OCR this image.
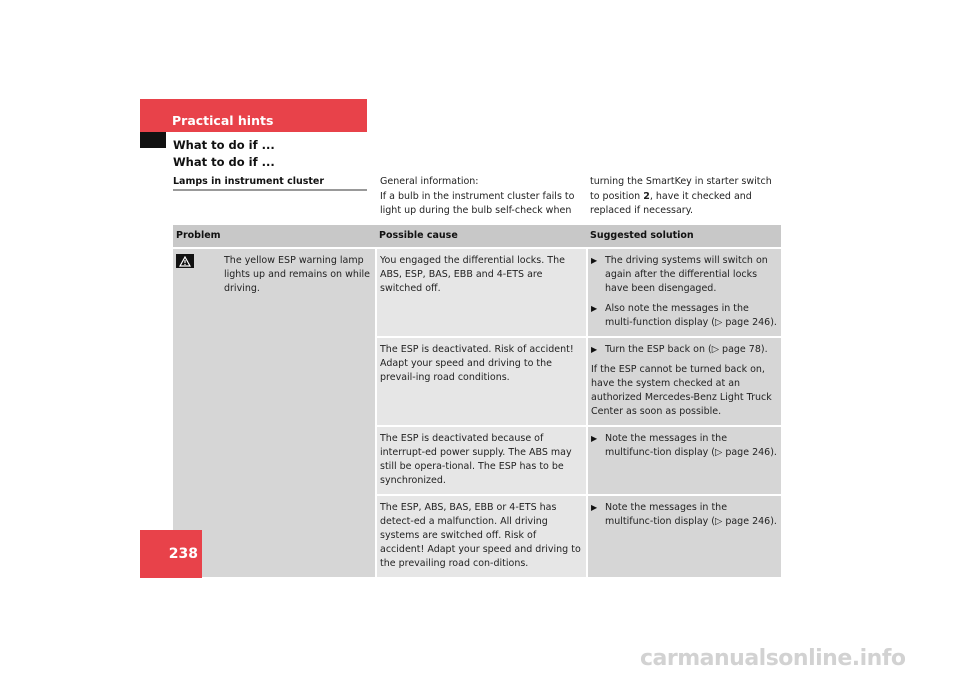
Practical hints
What to do if ...
What to do if ...
Lamps in instrument cluster	General information:
If a bulb in the instrument cluster fails to light up during the bulb self-check when
turning the SmartKey in starter switch to position 2, have it checked and replaced if necessary.
Problem	Possible cause	Suggested solution

The yellow ESP warning lamp lights up and remains on while driving.	You engaged the differential locks. The ABS, ESP, BAS, EBB and 4-ETS are switched off.	▶ The driving systems will switch on again after the differential locks have been disengaged.
▶ Also note the messages in the multi-function display (▷ page 246).

	The ESP is deactivated. Risk of accident! Adapt your speed and driving to the prevail-ing road conditions.	▶ Turn the ESP back on (▷ page 78).
If the ESP cannot be turned back on, have the system checked at an authorized Mercedes-Benz Light Truck Center as soon as possible.

	The ESP is deactivated because of interrupt-ed power supply. The ABS may still be opera-tional. The ESP has to be synchronized.	▶ Note the messages in the multifunc-tion display (▷ page 246).

	The ESP, ABS, BAS, EBB or 4-ETS has detect-ed a malfunction. All driving systems are switched off. Risk of accident! Adapt your speed and driving to the prevailing road con-ditions.	▶ Note the messages in the multifunc-tion display (▷ page 246).
238
carmanualsonline.info
